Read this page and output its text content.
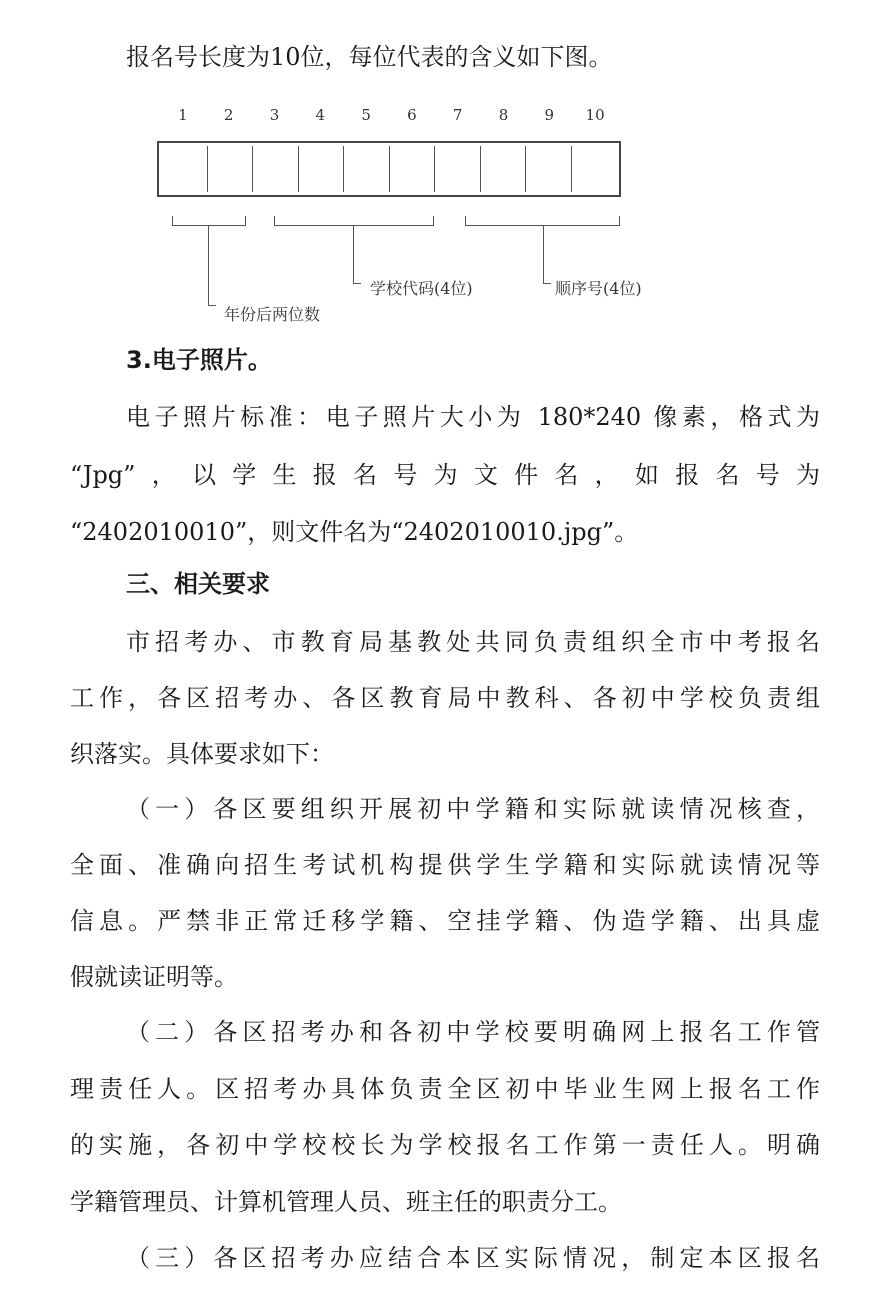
报名号长度为10位，每位代表的含义如下图。
1	2	3	4	5	6	7	8	9	10
年份后两位数
学校代码(4位)	顺序号(4位)
3.电子照片。
电子照片标准：电子照片大小为 180*240 像素，格式为
“Jpg”，以学生报名号为文件名，如报名号为
“2402010010”，则文件名为“2402010010.jpg”。
三、相关要求
市招考办、市教育局基教处共同负责组织全市中考报名
工作，各区招考办、各区教育局中教科、各初中学校负责组
织落实。具体要求如下：
（一）各区要组织开展初中学籍和实际就读情况核查，
全面、准确向招生考试机构提供学生学籍和实际就读情况等
信息。严禁非正常迁移学籍、空挂学籍、伪造学籍、出具虚
假就读证明等。
（二）各区招考办和各初中学校要明确网上报名工作管
理责任人。区招考办具体负责全区初中毕业生网上报名工作
的实施，各初中学校校长为学校报名工作第一责任人。明确
学籍管理员、计算机管理人员、班主任的职责分工。
（三）各区招考办应结合本区实际情况，制定本区报名
